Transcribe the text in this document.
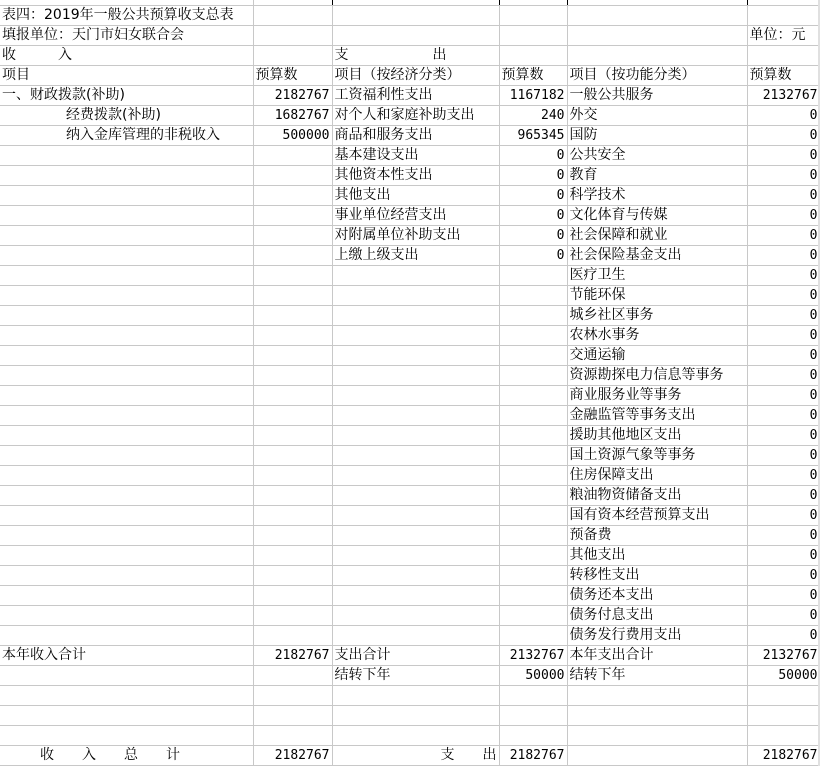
表四：2019年一般公共预算收支总表					
填报单位：天门市妇女联合会					单位：元
收　　　入		支　　　　　　出			
项目	预算数	项目（按经济分类）	预算数	项目（按功能分类）	预算数
一、财政拨款(补助)	2182767	工资福利性支出	1167182	一般公共服务	2132767
经费拨款(补助)	1682767	对个人和家庭补助支出	240	外交	0
纳入金库管理的非税收入	500000	商品和服务支出	965345	国防	0
		基本建设支出	0	公共安全	0
		其他资本性支出	0	教育	0
		其他支出	0	科学技术	0
		事业单位经营支出	0	文化体育与传媒	0
		对附属单位补助支出	0	社会保障和就业	0
		上缴上级支出	0	社会保险基金支出	0
				医疗卫生	0
				节能环保	0
				城乡社区事务	0
				农林水事务	0
				交通运输	0
				资源勘探电力信息等事务	0
				商业服务业等事务	0
				金融监管等事务支出	0
				援助其他地区支出	0
				国土资源气象等事务	0
				住房保障支出	0
				粮油物资储备支出	0
				国有资本经营预算支出	0
				预备费	0
				其他支出	0
				转移性支出	0
				债务还本支出	0
				债务付息支出	0
				债务发行费用支出	0
本年收入合计	2182767	支出合计	2132767	本年支出合计	2132767
		结转下年	50000	结转下年	50000

收　　入　　总　　计	2182767	支　　出	2182767		2182767
